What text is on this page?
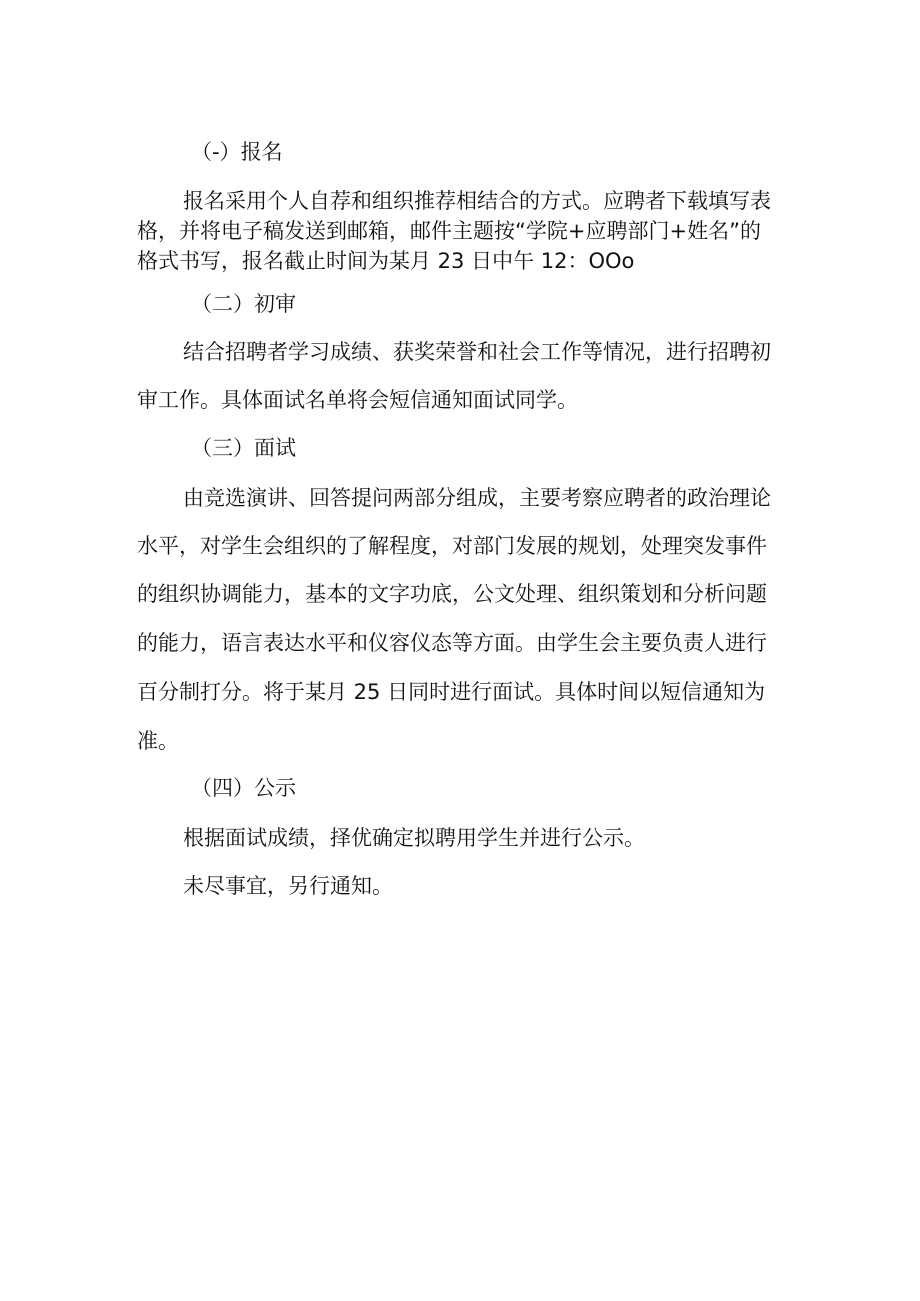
（-）报名
报名采用个人自荐和组织推荐相结合的方式。应聘者下载填写表
格，并将电子稿发送到邮箱，邮件主题按“学院+应聘部门+姓名”的
格式书写，报名截止时间为某月 23 日中午 12：OOo
（二）初审
结合招聘者学习成绩、获奖荣誉和社会工作等情况，进行招聘初
审工作。具体面试名单将会短信通知面试同学。
（三）面试
由竞选演讲、回答提问两部分组成，主要考察应聘者的政治理论
水平，对学生会组织的了解程度，对部门发展的规划，处理突发事件
的组织协调能力，基本的文字功底，公文处理、组织策划和分析问题
的能力，语言表达水平和仪容仪态等方面。由学生会主要负责人进行
百分制打分。将于某月 25 日同时进行面试。具体时间以短信通知为
准。
（四）公示
根据面试成绩，择优确定拟聘用学生并进行公示。
未尽事宜，另行通知。
